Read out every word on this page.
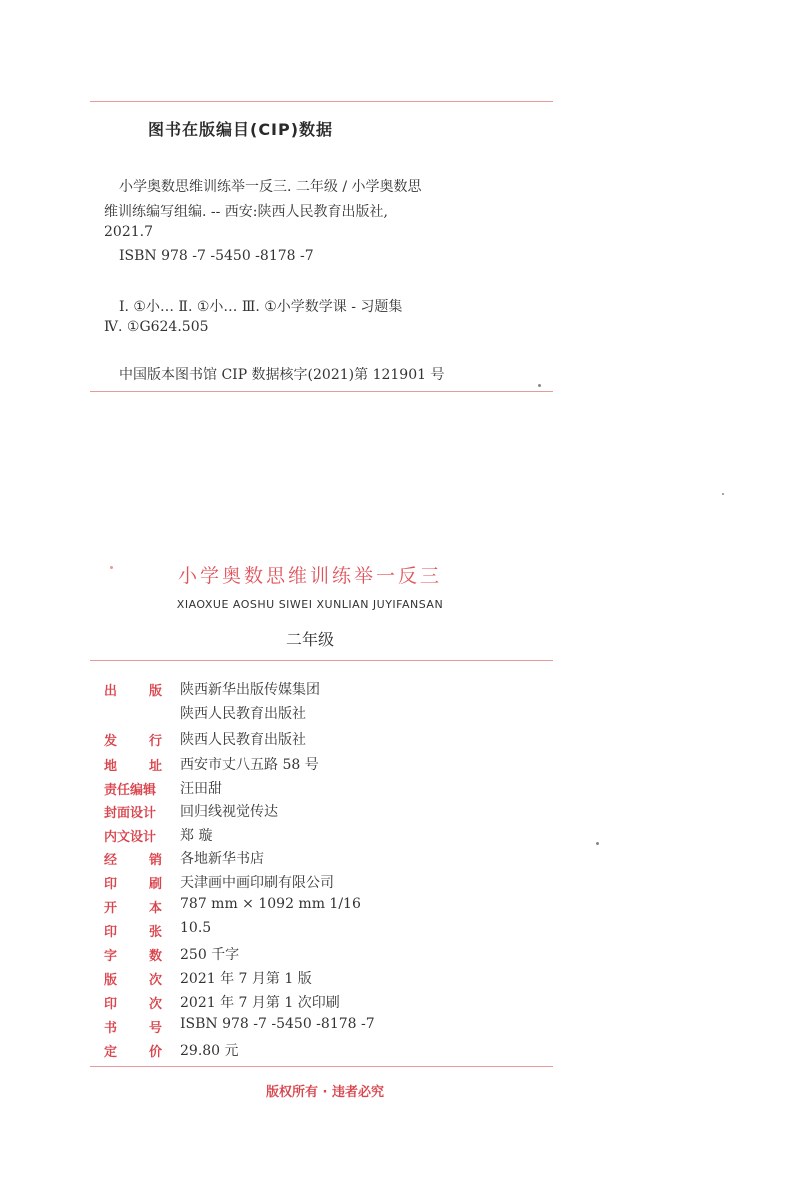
图书在版编目(CIP)数据
小学奥数思维训练举一反三. 二年级 / 小学奥数思
维训练编写组编. -- 西安:陕西人民教育出版社,
2021.7
ISBN 978 -7 -5450 -8178 -7
Ⅰ. ①小… Ⅱ. ①小… Ⅲ. ①小学数学课 - 习题集
Ⅳ. ①G624.505
中国版本图书馆 CIP 数据核字(2021)第 121901 号
小学奥数思维训练举一反三
XIAOXUE AOSHU SIWEI XUNLIAN JUYIFANSAN
二年级
出 版 陕西新华出版传媒集团
陕西人民教育出版社
发 行 陕西人民教育出版社
地 址 西安市丈八五路 58 号
责任编辑 汪田甜
封面设计 回归线视觉传达
内文设计 郑 璇
经 销 各地新华书店
印 刷 天津画中画印刷有限公司
开 本 787 mm × 1092 mm 1/16
印 张 10.5
字 数 250 千字
版 次 2021 年 7 月第 1 版
印 次 2021 年 7 月第 1 次印刷
书 号 ISBN 978 -7 -5450 -8178 -7
定 价 29.80 元
版权所有 · 违者必究
